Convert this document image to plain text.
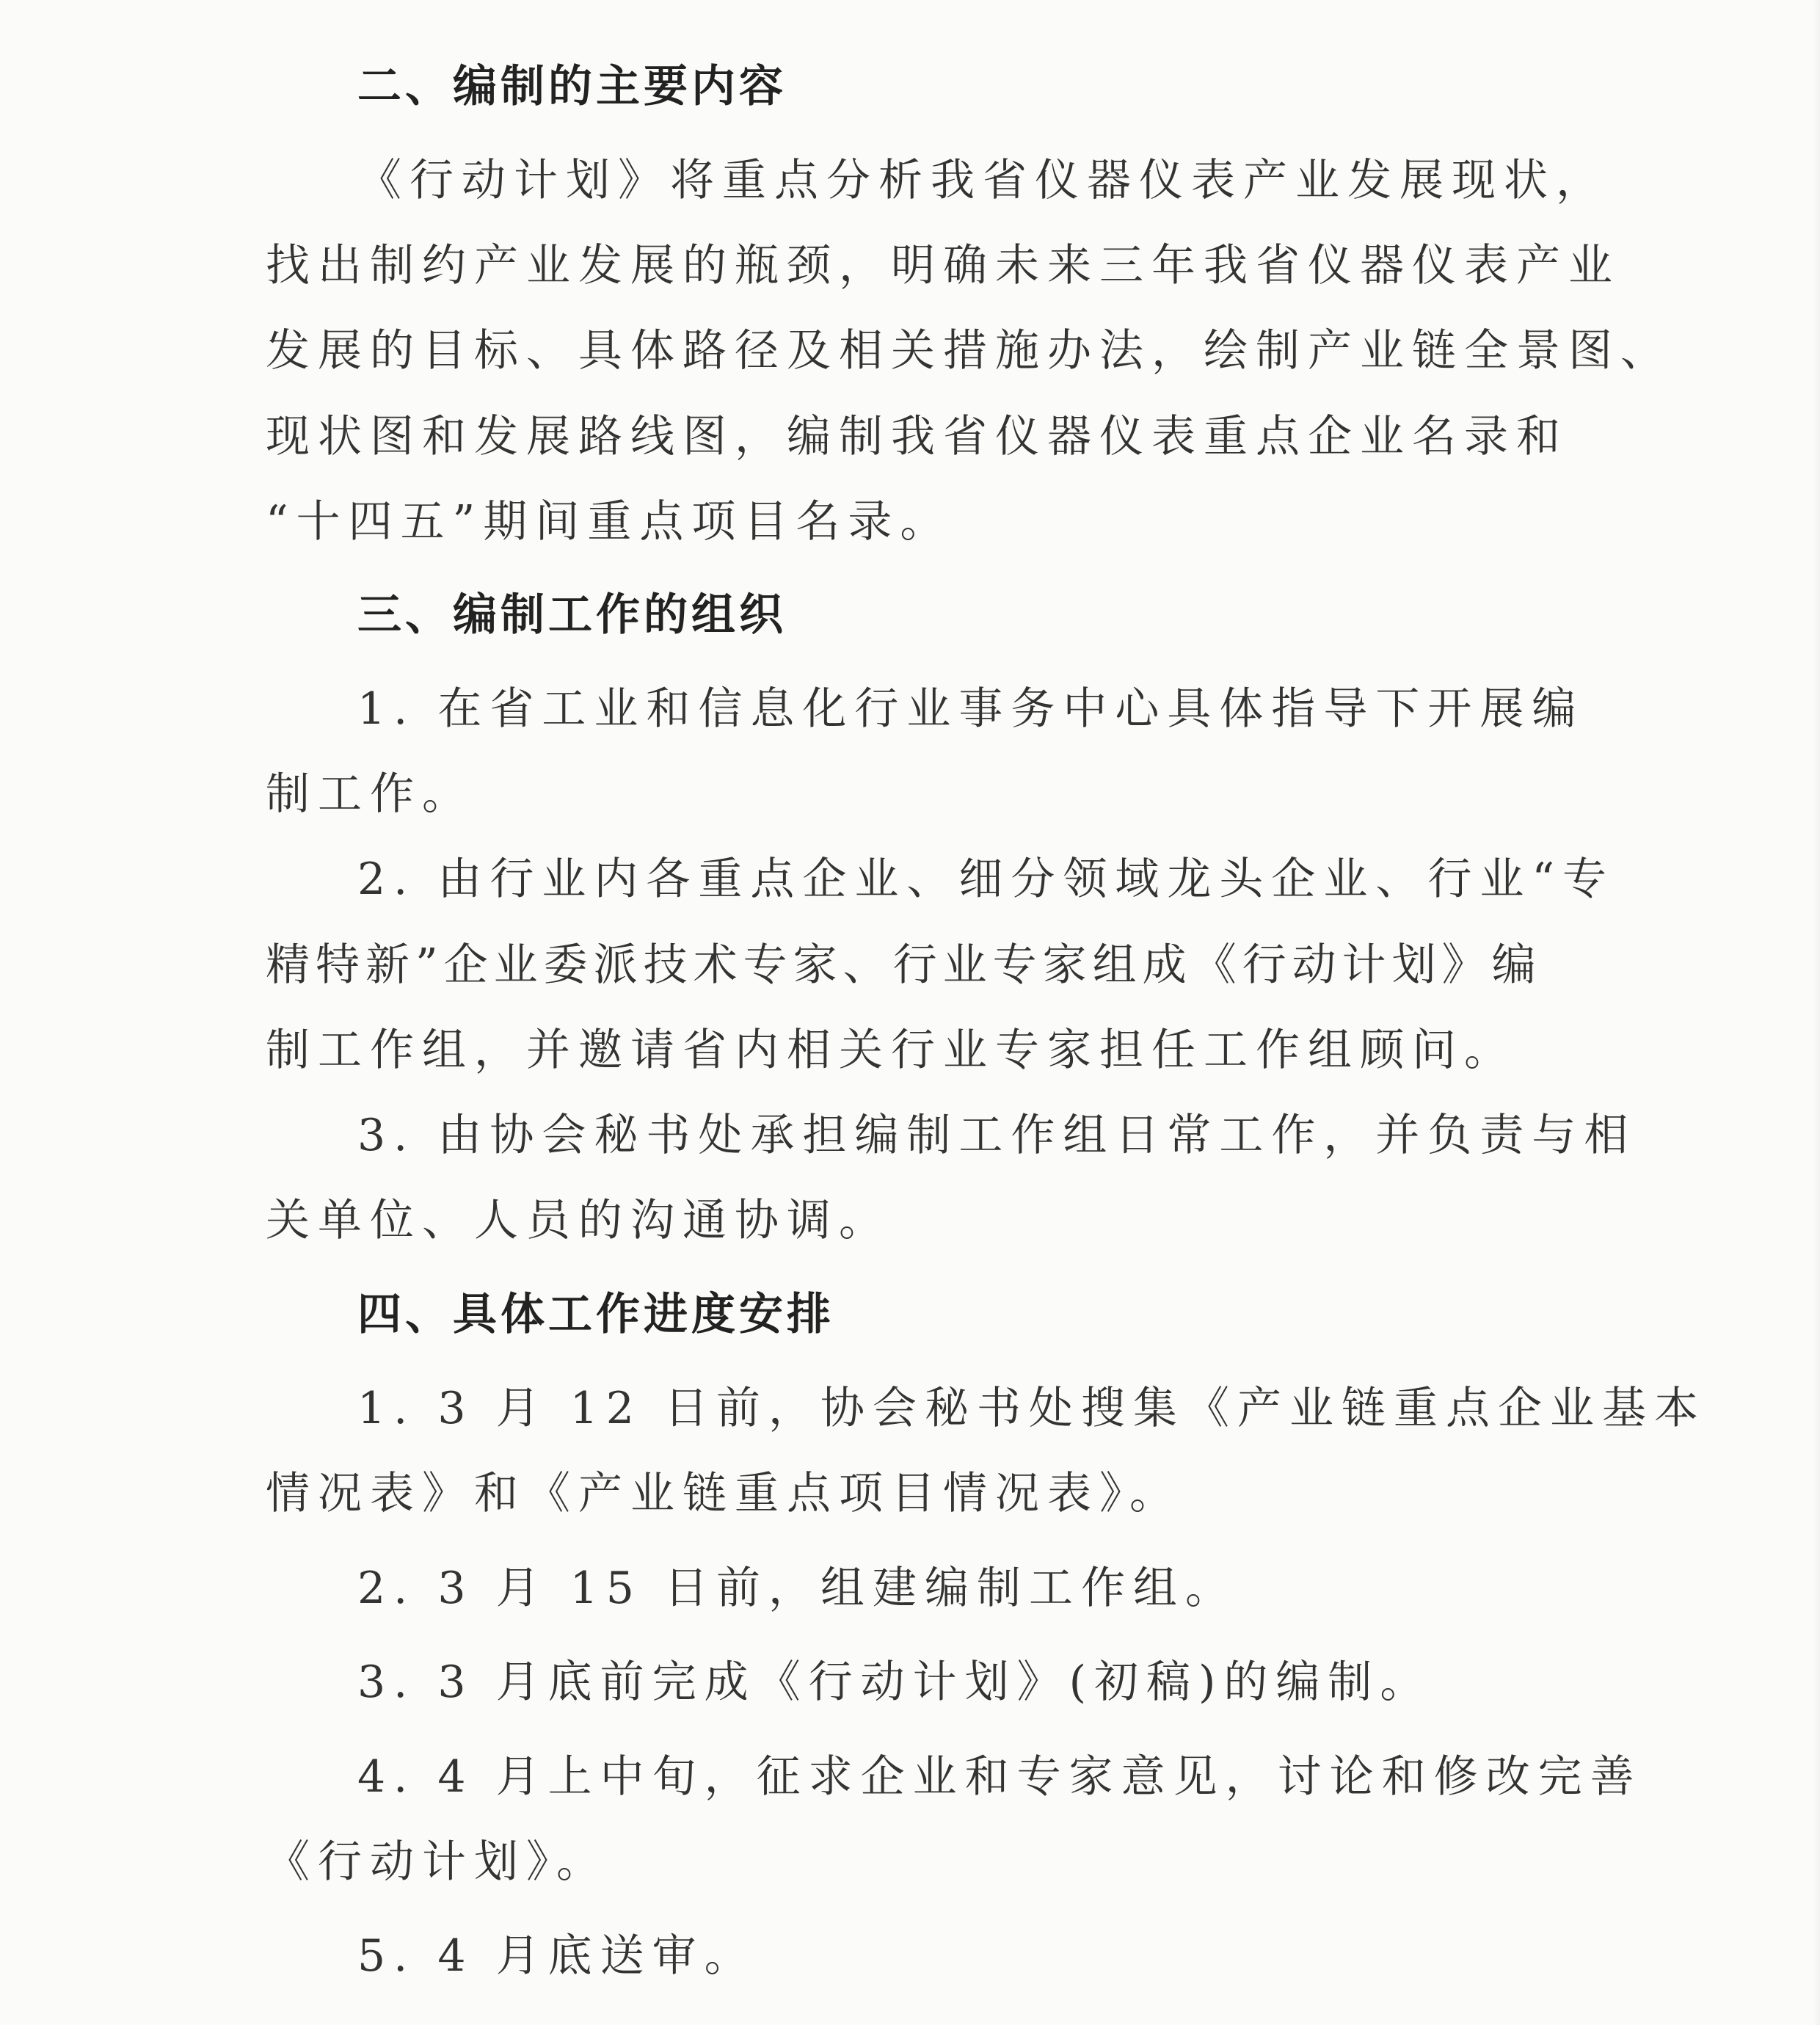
二、编制的主要内容
《行动计划》将重点分析我省仪器仪表产业发展现状，
找出制约产业发展的瓶颈，明确未来三年我省仪器仪表产业
发展的目标、具体路径及相关措施办法，绘制产业链全景图、
现状图和发展路线图，编制我省仪器仪表重点企业名录和
“十四五”期间重点项目名录。
三、编制工作的组织
1. 在省工业和信息化行业事务中心具体指导下开展编
制工作。
2. 由行业内各重点企业、细分领域龙头企业、行业“专
精特新”企业委派技术专家、行业专家组成《行动计划》编
制工作组，并邀请省内相关行业专家担任工作组顾问。
3. 由协会秘书处承担编制工作组日常工作，并负责与相
关单位、人员的沟通协调。
四、具体工作进度安排
1. 3 月 12 日前，协会秘书处搜集《产业链重点企业基本
情况表》和《产业链重点项目情况表》。
2. 3 月 15 日前，组建编制工作组。
3. 3 月底前完成《行动计划》(初稿)的编制。
4. 4 月上中旬，征求企业和专家意见，讨论和修改完善
《行动计划》。
5. 4 月底送审。
